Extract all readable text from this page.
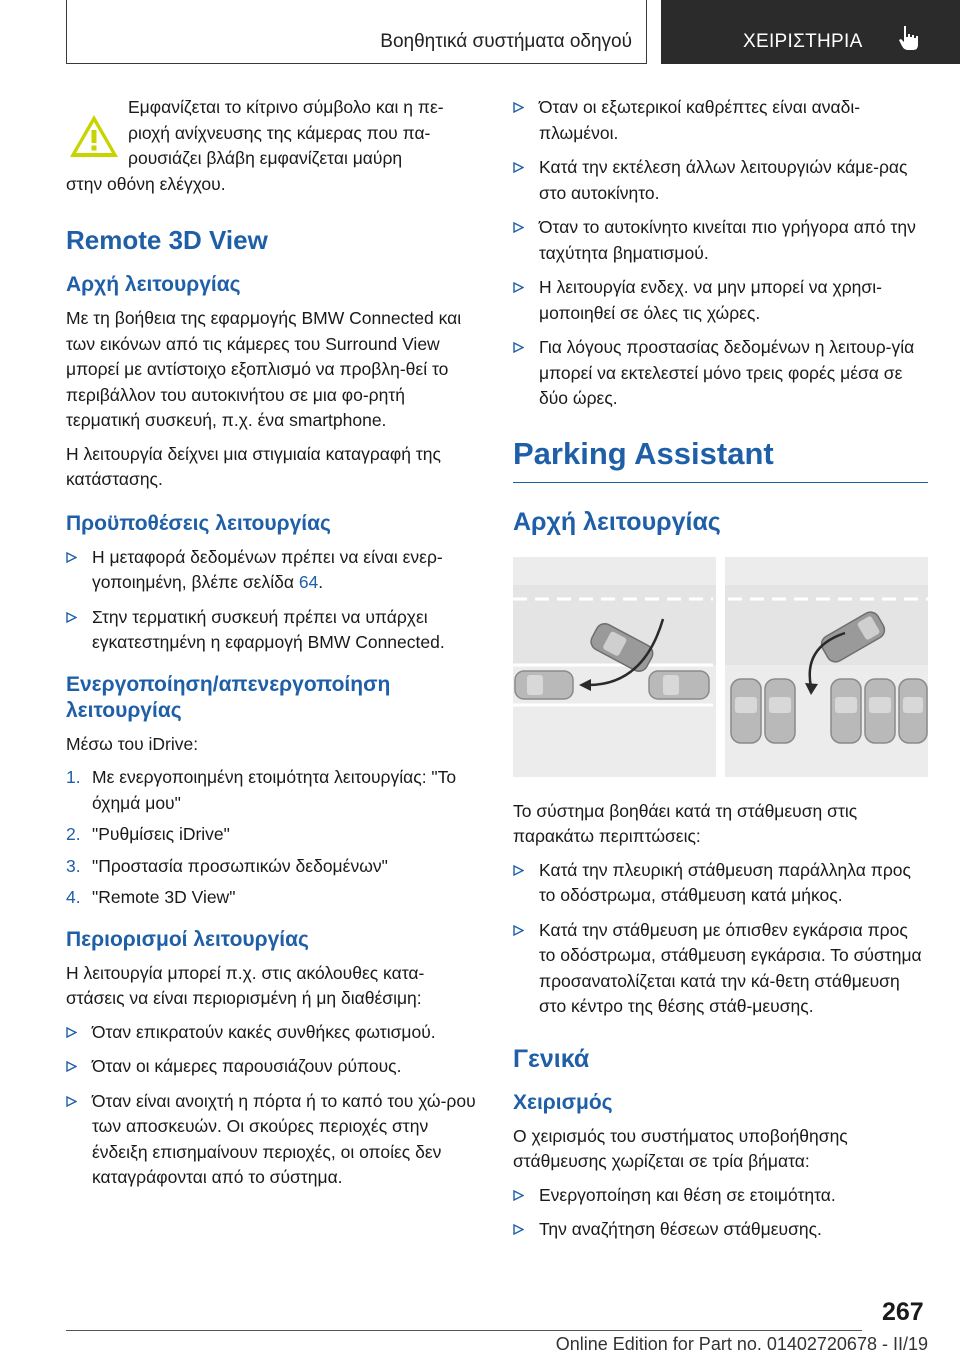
Βοηθητικά συστήματα οδηγού	ΧΕΙΡΙΣΤΗΡΙΑ

Εμφανίζεται το κίτρινο σύμβολο και η πε‐

ριοχή ανίχνευσης της κάμερας που πα‐

ρουσιάζει βλάβη εμφανίζεται μαύρη

στην οθόνη ελέγχου.

Remote 3D View
Αρχή λειτουργίας

Με τη βοήθεια της εφαρμογής BMW Connected και των εικόνων από τις κάμερες του Surround View μπορεί με αντίστοιχο εξοπλισμό να προβλη‐θεί το περιβάλλον του αυτοκινήτου σε μια φο‐ρητή τερματική συσκευή, π.χ. ένα smartphone.

Η λειτουργία δείχνει μια στιγμιαία καταγραφή της κατάστασης.

Προϋποθέσεις λειτουργίας
Η μεταφορά δεδομένων πρέπει να είναι ενερ‐γοποιημένη, βλέπε σελίδα 64.
Στην τερματική συσκευή πρέπει να υπάρχει εγκατεστημένη η εφαρμογή BMW Connected.
Ενεργοποίηση/απενεργοποίηση λειτουργίας

Μέσω του iDrive:

1. Με ενεργοποιημένη ετοιμότητα λειτουργίας: "Το όχημά μου"
2. "Ρυθμίσεις iDrive"
3. "Προστασία προσωπικών δεδομένων"
4. "Remote 3D View"
Περιορισμοί λειτουργίας

Η λειτουργία μπορεί π.χ. στις ακόλουθες κατα‐στάσεις να είναι περιορισμένη ή μη διαθέσιμη:

Όταν επικρατούν κακές συνθήκες φωτισμού.
Όταν οι κάμερες παρουσιάζουν ρύπους.
Όταν είναι ανοιχτή η πόρτα ή το καπό του χώ‐ρου των αποσκευών. Οι σκούρες περιοχές στην ένδειξη επισημαίνουν περιοχές, οι οποίες δεν καταγράφονται από το σύστημα.
Όταν οι εξωτερικοί καθρέπτες είναι αναδι‐πλωμένοι.
Κατά την εκτέλεση άλλων λειτουργιών κάμε‐ρας στο αυτοκίνητο.
Όταν το αυτοκίνητο κινείται πιο γρήγορα από την ταχύτητα βηματισμού.
Η λειτουργία ενδεχ. να μην μπορεί να χρησι‐μοποιηθεί σε όλες τις χώρες.
Για λόγους προστασίας δεδομένων η λειτουρ‐γία μπορεί να εκτελεστεί μόνο τρεις φορές μέσα σε δύο ώρες.
Parking Assistant
Αρχή λειτουργίας

Το σύστημα βοηθάει κατά τη στάθμευση στις παρακάτω περιπτώσεις:

Κατά την πλευρική στάθμευση παράλληλα προς το οδόστρωμα, στάθμευση κατά μήκος.
Κατά την στάθμευση με όπισθεν εγκάρσια προς το οδόστρωμα, στάθμευση εγκάρσια. Το σύστημα προσανατολίζεται κατά την κά‐θετη στάθμευση στο κέντρο της θέσης στάθ‐μευσης.
Γενικά
Χειρισμός

Ο χειρισμός του συστήματος υποβοήθησης στάθμευσης χωρίζεται σε τρία βήματα:

Ενεργοποίηση και θέση σε ετοιμότητα.
Την αναζήτηση θέσεων στάθμευσης.
267
Online Edition for Part no. 01402720678 - II/19
